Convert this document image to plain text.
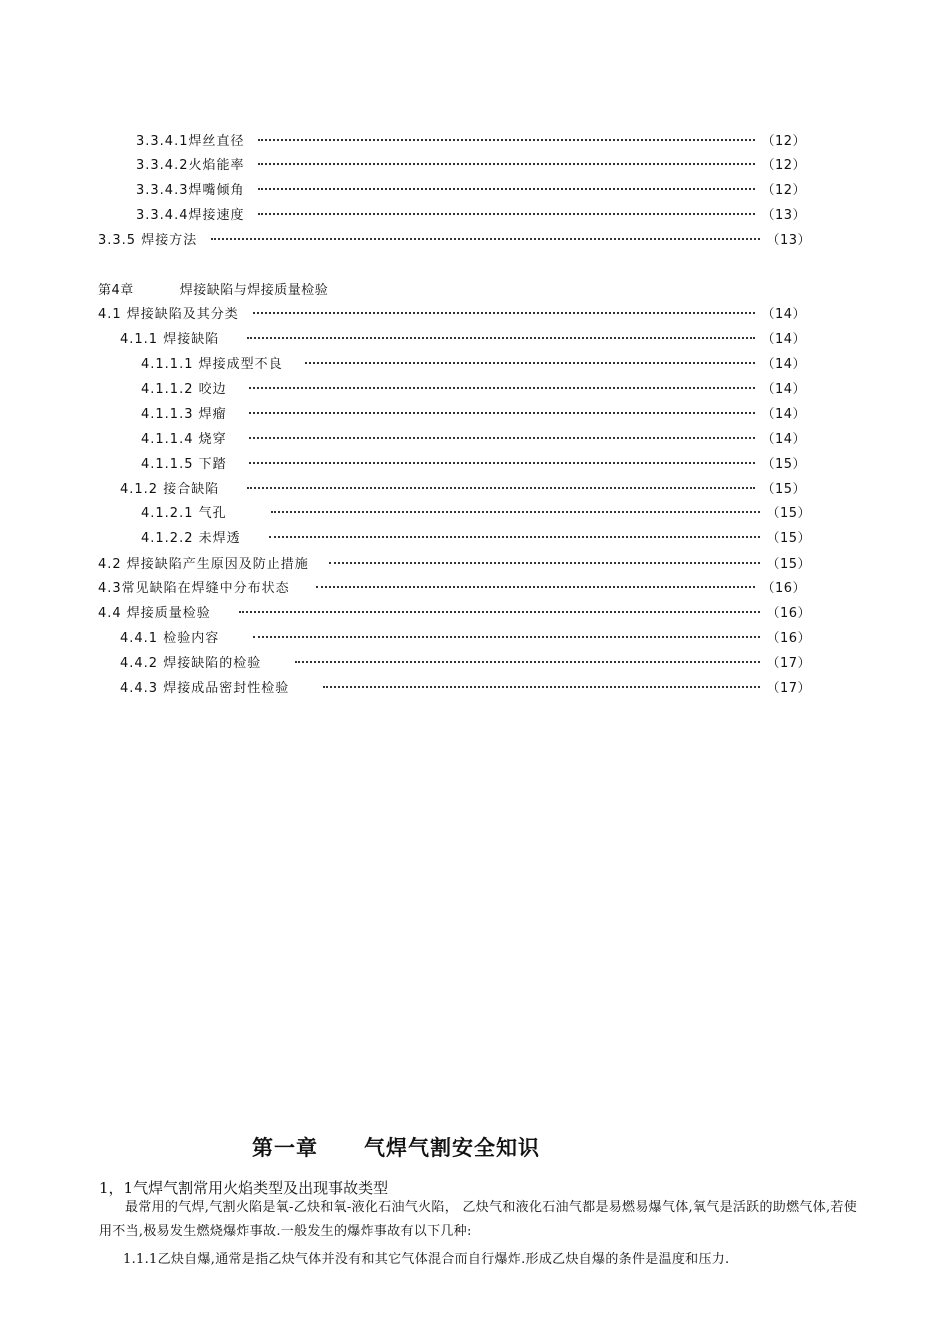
3.3.4.1焊丝直径	（12）
3.3.4.2火焰能率	（12）
3.3.4.3焊嘴倾角	（12）
3.3.4.4焊接速度	（13）
3.3.5 焊接方法	（13）
第4章	焊接缺陷与焊接质量检验
4.1 焊接缺陷及其分类	（14）
4.1.1 焊接缺陷	（14）
4.1.1.1 焊接成型不良	（14）
4.1.1.2 咬边	（14）
4.1.1.3 焊瘤	（14）
4.1.1.4 烧穿	（14）
4.1.1.5 下踏	（15）
4.1.2 接合缺陷	（15）
4.1.2.1 气孔	（15）
4.1.2.2 未焊透	（15）
4.2 焊接缺陷产生原因及防止措施	（15）
4.3常见缺陷在焊缝中分布状态	（16）
4.4 焊接质量检验	（16）
4.4.1 检验内容	（16）
4.4.2 焊接缺陷的检验	（17）
4.4.3 焊接成品密封性检验	（17）
第一章 气焊气割安全知识
1，1气焊气割常用火焰类型及出现事故类型
最常用的气焊,气割火陷是氧-乙炔和氧-液化石油气火陷， 乙炔气和液化石油气都是易燃易爆气体,氧气是活跃的助燃气体,若使用不当,极易发生燃烧爆炸事故.一般发生的爆炸事故有以下几种:
1.1.1乙炔自爆,通常是指乙炔气体并没有和其它气体混合而自行爆炸.形成乙炔自爆的条件是温度和压力.
